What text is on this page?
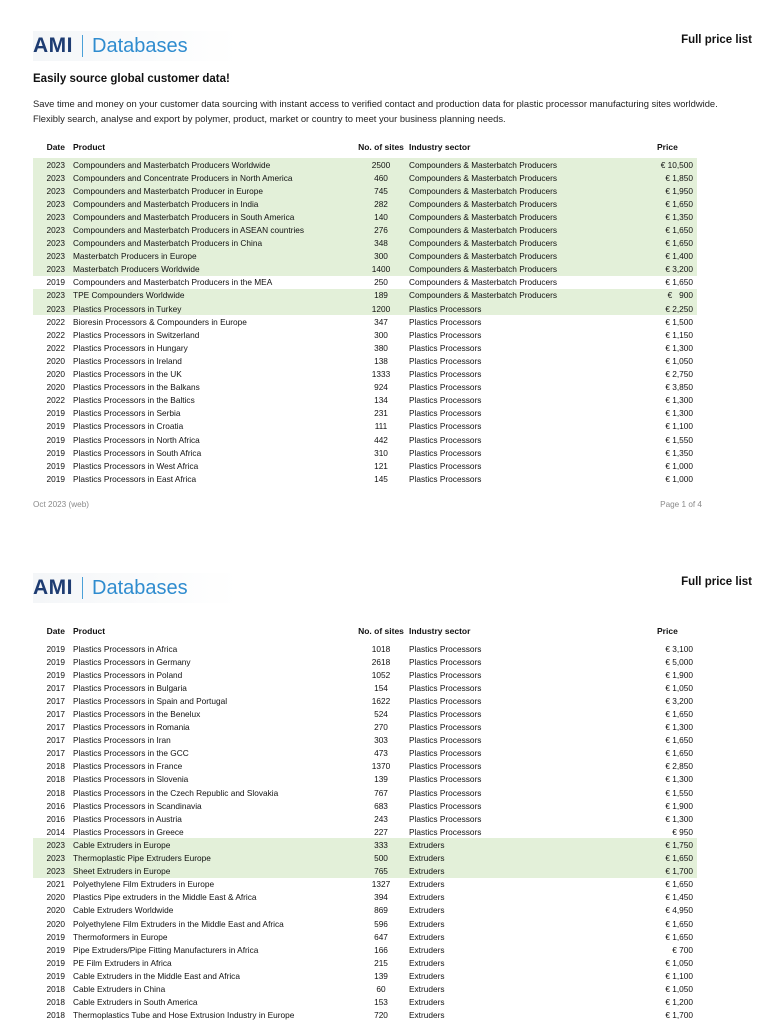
AMI Databases	Full price list
Easily source global customer data!
Save time and money on your customer data sourcing with instant access to verified contact and production data for plastic processor manufacturing sites worldwide. Flexibly search, analyse and export by polymer, product, market or country to meet your business planning needs.
Date Product	No. of sites Industry sector	Price
2023 Compounders and Masterbatch Producers Worldwide	2500	Compounders & Masterbatch Producers	€ 10,500
2023 Compounders and Concentrate Producers in North America	460	Compounders & Masterbatch Producers	€ 1,850
2023 Compounders and Masterbatch Producer in Europe	745	Compounders & Masterbatch Producers	€ 1,950
2023 Compounders and Masterbatch Producers in India	282	Compounders & Masterbatch Producers	€ 1,650
2023 Compounders and Masterbatch Producers in South America	140	Compounders & Masterbatch Producers	€ 1,350
2023 Compounders and Masterbatch Producers in ASEAN countries	276	Compounders & Masterbatch Producers	€ 1,650
2023 Compounders and Masterbatch Producers in China	348	Compounders & Masterbatch Producers	€ 1,650
2023 Masterbatch Producers in Europe	300	Compounders & Masterbatch Producers	€ 1,400
2023 Masterbatch Producers Worldwide	1400	Compounders & Masterbatch Producers	€ 3,200
2019 Compounders and Masterbatch Producers in the MEA	250	Compounders & Masterbatch Producers	€ 1,650
2023 TPE Compounders Worldwide	189	Compounders & Masterbatch Producers	€   900
2023 Plastics Processors in Turkey	1200	Plastics Processors	€ 2,250
2022 Bioresin Processors & Compounders in Europe	347	Plastics Processors	€ 1,500
2022 Plastics Processors in Switzerland	300	Plastics Processors	€ 1,150
2022 Plastics Processors in Hungary	380	Plastics Processors	€ 1,300
2020 Plastics Processors in Ireland	138	Plastics Processors	€ 1,050
2020 Plastics Processors in the UK	1333	Plastics Processors	€ 2,750
2020 Plastics Processors in the Balkans	924	Plastics Processors	€ 3,850
2022 Plastics Processors in the Baltics	134	Plastics Processors	€ 1,300
2019 Plastics Processors in Serbia	231	Plastics Processors	€ 1,300
2019 Plastics Processors in Croatia	111	Plastics Processors	€ 1,100
2019 Plastics Processors in North Africa	442	Plastics Processors	€ 1,550
2019 Plastics Processors in South Africa	310	Plastics Processors	€ 1,350
2019 Plastics Processors in West Africa	121	Plastics Processors	€ 1,000
2019 Plastics Processors in East Africa	145	Plastics Processors	€ 1,000
Oct 2023 (web)	Page 1 of 4
AMI Databases	Full price list
Date Product	No. of sites Industry sector	Price
2019 Plastics Processors in Africa	1018	Plastics Processors	€ 3,100
2019 Plastics Processors in Germany	2618	Plastics Processors	€ 5,000
2019 Plastics Processors in Poland	1052	Plastics Processors	€ 1,900
2017 Plastics Processors in Bulgaria	154	Plastics Processors	€ 1,050
2017 Plastics Processors in Spain and Portugal	1622	Plastics Processors	€ 3,200
2017 Plastics Processors in the Benelux	524	Plastics Processors	€ 1,650
2017 Plastics Processors in Romania	270	Plastics Processors	€ 1,300
2017 Plastics Processors in Iran	303	Plastics Processors	€ 1,650
2017 Plastics Processors in the GCC	473	Plastics Processors	€ 1,650
2018 Plastics Processors in France	1370	Plastics Processors	€ 2,850
2018 Plastics Processors in Slovenia	139	Plastics Processors	€ 1,300
2018 Plastics Processors in the Czech Republic and Slovakia	767	Plastics Processors	€ 1,550
2016 Plastics Processors in Scandinavia	683	Plastics Processors	€ 1,900
2016 Plastics Processors in Austria	243	Plastics Processors	€ 1,300
2014 Plastics Processors in Greece	227	Plastics Processors	€ 950
2023 Cable Extruders in Europe	333	Extruders	€ 1,750
2023 Thermoplastic Pipe Extruders Europe	500	Extruders	€ 1,650
2023 Sheet Extruders in Europe	765	Extruders	€ 1,700
2021 Polyethylene Film Extruders in Europe	1327	Extruders	€ 1,650
2020 Plastics Pipe extruders in the Middle East & Africa	394	Extruders	€ 1,450
2020 Cable Extruders Worldwide	869	Extruders	€ 4,950
2020 Polyethylene Film Extruders in the Middle East and Africa	596	Extruders	€ 1,650
2019 Thermoformers in Europe	647	Extruders	€ 1,650
2019 Pipe Extruders/Pipe Fitting Manufacturers in Africa	166	Extruders	€ 700
2019 PE Film Extruders in Africa	215	Extruders	€ 1,050
2019 Cable Extruders in the Middle East and Africa	139	Extruders	€ 1,100
2018 Cable Extruders in China	60	Extruders	€ 1,050
2018 Cable Extruders in South America	153	Extruders	€ 1,200
2018 Thermoplastics Tube and Hose Extrusion Industry in Europe	720	Extruders	€ 1,700
